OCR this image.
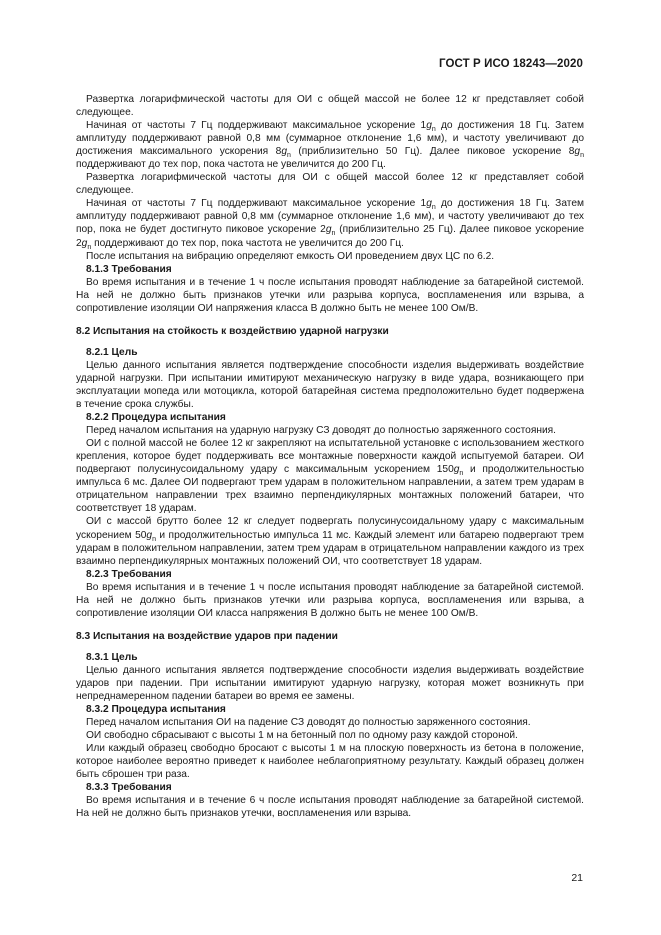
ГОСТ Р ИСО 18243—2020

Развертка логарифмической частоты для ОИ с общей массой не более 12 кг представляет собой следующее.

Начиная от частоты 7 Гц поддерживают максимальное ускорение $1g_n$ до достижения 18 Гц. Затем амплитуду поддерживают равной 0,8 мм (суммарное отклонение 1,6 мм), и частоту увеличивают до достижения максимального ускорения $8g_n$ (приблизительно 50 Гц). Далее пиковое ускорение $8g_n$ поддерживают до тех пор, пока частота не увеличится до 200 Гц.

Развертка логарифмической частоты для ОИ с общей массой более 12 кг представляет собой следующее.

Начиная от частоты 7 Гц поддерживают максимальное ускорение $1g_n$ до достижения 18 Гц. Затем амплитуду поддерживают равной 0,8 мм (суммарное отклонение 1,6 мм), и частоту увеличивают до тех пор, пока не будет достигнуто пиковое ускорение $2g_n$ (приблизительно 25 Гц). Далее пиковое ускорение $2g_n$ поддерживают до тех пор, пока частота не увеличится до 200 Гц.

После испытания на вибрацию определяют емкость ОИ проведением двух ЦС по 6.2.

8.1.3 Требования

Во время испытания и в течение 1 ч после испытания проводят наблюдение за батарейной системой. На ней не должно быть признаков утечки или разрыва корпуса, воспламенения или взрыва, а сопротивление изоляции ОИ напряжения класса В должно быть не менее 100 Ом/В.

8.2 Испытания на стойкость к воздействию ударной нагрузки

8.2.1 Цель

Целью данного испытания является подтверждение способности изделия выдерживать воздействие ударной нагрузки. При испытании имитируют механическую нагрузку в виде удара, возникающего при эксплуатации мопеда или мотоцикла, которой батарейная система предположительно будет подвержена в течение срока службы.

8.2.2 Процедура испытания

Перед началом испытания на ударную нагрузку СЗ доводят до полностью заряженного состояния.

ОИ с полной массой не более 12 кг закрепляют на испытательной установке с использованием жесткого крепления, которое будет поддерживать все монтажные поверхности каждой испытуемой батареи. ОИ подвергают полусинусоидальному удару с максимальным ускорением $150g_n$ и продолжительностью импульса 6 мс. Далее ОИ подвергают трем ударам в положительном направлении, а затем трем ударам в отрицательном направлении трех взаимно перпендикулярных монтажных положений батареи, что соответствует 18 ударам.

ОИ с массой брутто более 12 кг следует подвергать полусинусоидальному удару с максимальным ускорением $50g_n$ и продолжительностью импульса 11 мс. Каждый элемент или батарею подвергают трем ударам в положительном направлении, затем трем ударам в отрицательном направлении каждого из трех взаимно перпендикулярных монтажных положений ОИ, что соответствует 18 ударам.

8.2.3 Требования

Во время испытания и в течение 1 ч после испытания проводят наблюдение за батарейной системой. На ней не должно быть признаков утечки или разрыва корпуса, воспламенения или взрыва, а сопротивление изоляции ОИ класса напряжения В должно быть не менее 100 Ом/В.

8.3 Испытания на воздействие ударов при падении

8.3.1 Цель

Целью данного испытания является подтверждение способности изделия выдерживать воздействие ударов при падении. При испытании имитируют ударную нагрузку, которая может возникнуть при непреднамеренном падении батареи во время ее замены.

8.3.2 Процедура испытания

Перед началом испытания ОИ на падение СЗ доводят до полностью заряженного состояния.

ОИ свободно сбрасывают с высоты 1 м на бетонный пол по одному разу каждой стороной.

Или каждый образец свободно бросают с высоты 1 м на плоскую поверхность из бетона в положение, которое наиболее вероятно приведет к наиболее неблагоприятному результату. Каждый образец должен быть сброшен три раза.

8.3.3 Требования

Во время испытания и в течение 6 ч после испытания проводят наблюдение за батарейной системой. На ней не должно быть признаков утечки, воспламенения или взрыва.

21
